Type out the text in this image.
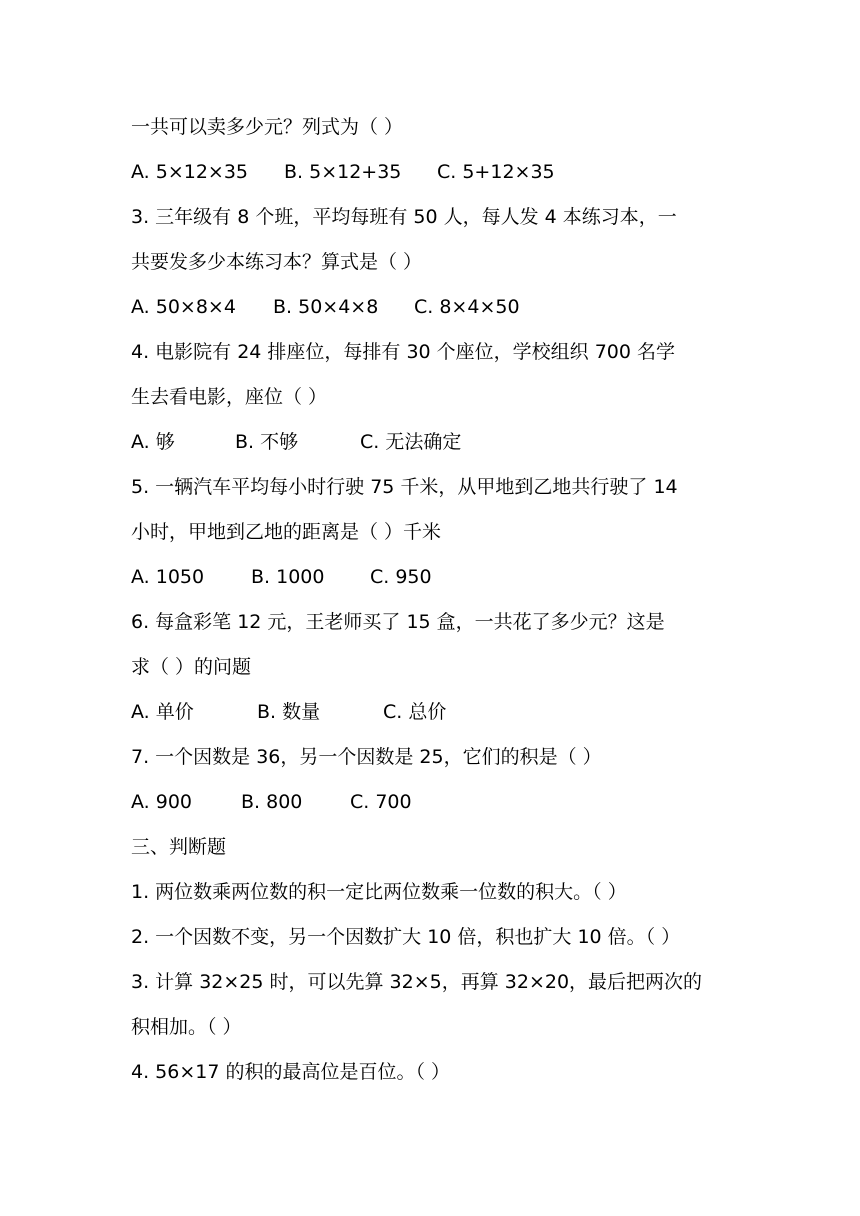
一共可以卖多少元？列式为（ ）
A. 5×12×35 B. 5×12+35 C. 5+12×35
3. 三年级有 8 个班，平均每班有 50 人，每人发 4 本练习本，一
共要发多少本练习本？算式是（ ）
A. 50×8×4 B. 50×4×8 C. 8×4×50
4. 电影院有 24 排座位，每排有 30 个座位，学校组织 700 名学
生去看电影，座位（ ）
A. 够	B. 不够	C. 无法确定
5. 一辆汽车平均每小时行驶 75 千米，从甲地到乙地共行驶了 14
小时，甲地到乙地的距离是（ ）千米
A. 1050 B. 1000 C. 950
6. 每盒彩笔 12 元，王老师买了 15 盒，一共花了多少元？这是
求（ ）的问题
A. 单价	B. 数量	C. 总价
7. 一个因数是 36，另一个因数是 25，它们的积是（ ）
A. 900	B. 800	C. 700
三、判断题
1. 两位数乘两位数的积一定比两位数乘一位数的积大。（ ）
2. 一个因数不变，另一个因数扩大 10 倍，积也扩大 10 倍。（ ）
3. 计算 32×25 时，可以先算 32×5，再算 32×20，最后把两次的
积相加。（ ）
4. 56×17 的积的最高位是百位。（ ）
